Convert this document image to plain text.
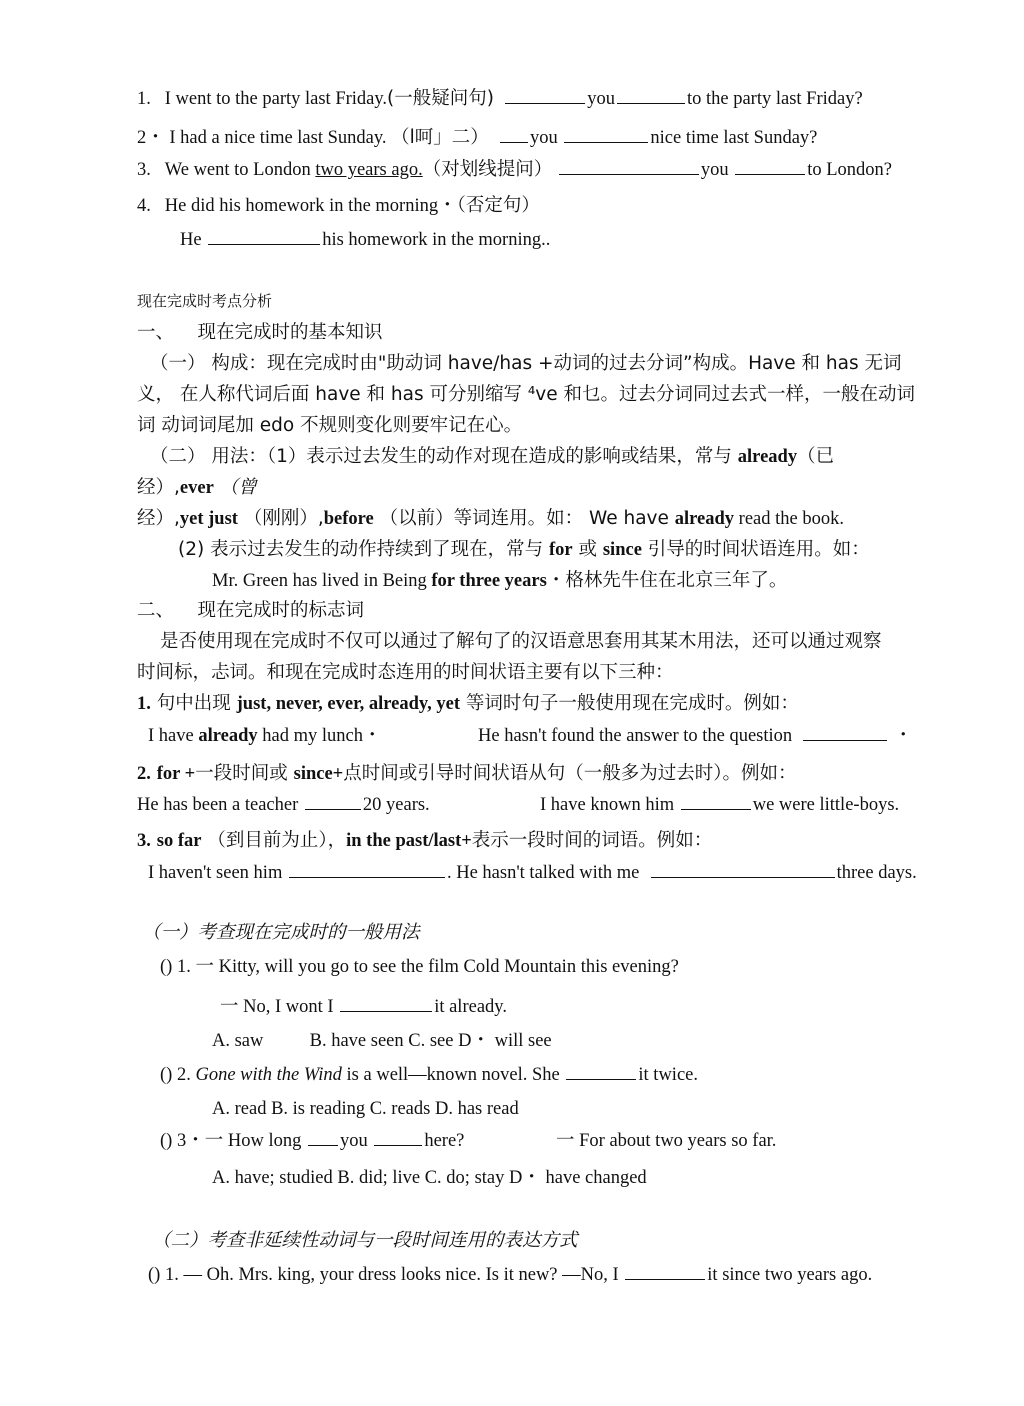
1. I went to the party last Friday.(一般疑问句)	you	to the party last Friday?
2・ I had a nice time last Sunday. （l呵」二） you	nice time last Sunday?
3. We went to London two years ago.（对划线提问）	you	to London?
4. He did his homework in the morning・（否定句）
He	his homework in the morning..
现在完成时考点分析
一、 现在完成时的基本知识
（一） 构成：现在完成时由"助动词 have/has +动词的过去分词”构成。Have 和 has 无词
义， 在人称代词后面 have 和 has 可分别缩写 ⁴ve 和乜。过去分词同过去式一样，一般在动词
词 动词词尾加 edo 不规则变化则要牢记在心。
（二） 用法：（1）表示过去发生的动作对现在造成的影响或结果，常与 already（已
经）,ever （曾
经）,yet just （刚刚）,before （以前）等词连用。如： We have already read the book.
(2) 表示过去发生的动作持续到了现在，常与 for 或 since 引导的时间状语连用。如：
Mr. Green has lived in Being for three years・格林先牛住在北京三年了。
二、 现在完成时的标志词
是否使用现在完成时不仅可以通过了解句了的汉语意思套用其某木用法，还可以通过观察
时间标，忐词。和现在完成时态连用的时间状语主要有以下三种：
1. 句中出现 just, never, ever, already, yet 等词时句子一般使用现在完成时。例如：
I have already had my lunch・	He hasn't found the answer to the question	・
2. for +一段时间或 since+点时间或引导时间状语从句（一般多为过去时）。例如：
He has been a teacher	20 years.	I have known him	we were little-boys.
3. so far （到目前为止），in the past/last+表示一段时间的词语。例如：
I haven't seen him	. He hasn't talked with me	three days.
（一）考查现在完成时的一般用法
() 1. 一 Kitty, will you go to see the film Cold Mountain this evening?
一 No, I wont I	it already.
A. saw          B. have seen C. see D・ will see
() 2. Gone with the Wind is a well—known novel. She	it twice.
A. read B. is reading C. reads D. has read
() 3・一 How long you	here?	一 For about two years so far.
A. have; studied B. did; live C. do; stay D・ have changed
（二）考查非延续性动词与一段时间连用的表达方式
() 1. — Oh. Mrs. king, your dress looks nice. Is it new? —No, I	it since two years ago.
